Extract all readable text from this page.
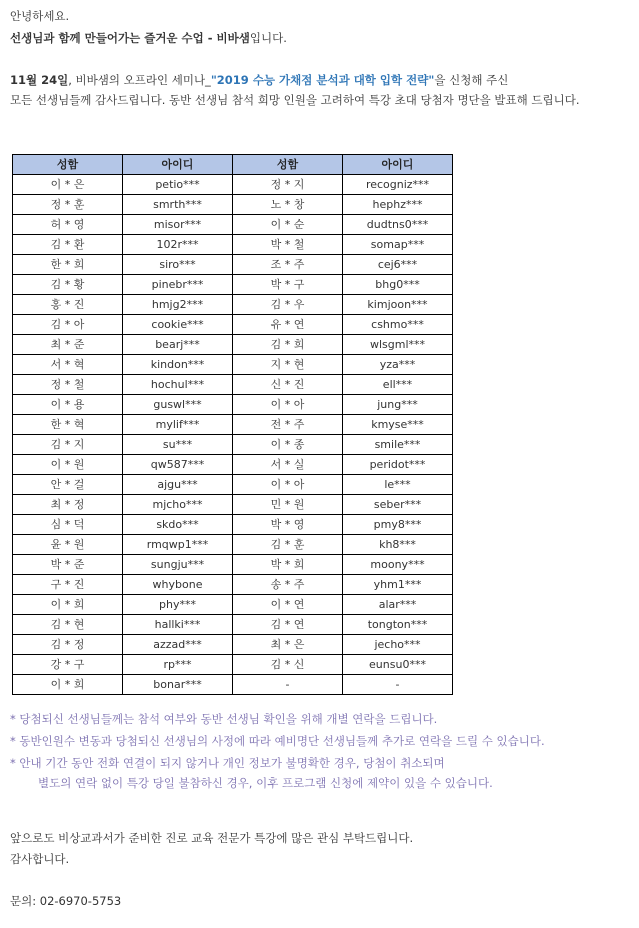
안녕하세요.
선생님과 함께 만들어가는 즐거운 수업 - 비바샘입니다.
11월 24일, 비바샘의 오프라인 세미나_"2019 수능 가채점 분석과 대학 입학 전략"을 신청해 주신
모든 선생님들께 감사드립니다. 동반 선생님 참석 희망 인원을 고려하여 특강 초대 당첨자 명단을 발표해 드립니다.
성함	아이디	성함	아이디
이 * 은	petio***	정 * 지	recogniz***
정 * 훈	smrth***	노 * 창	hephz***
허 * 영	misor***	이 * 순	dudtns0***
김 * 환	102r***	박 * 철	somap***
한 * 희	siro***	조 * 주	cej6***
김 * 황	pinebr***	박 * 구	bhg0***
홍 * 진	hmjg2***	김 * 우	kimjoon***
김 * 아	cookie***	유 * 연	cshmo***
최 * 준	bearj***	김 * 희	wlsgml***
서 * 혁	kindon***	지 * 현	yza***
정 * 철	hochul***	신 * 진	ell***
이 * 용	guswl***	이 * 아	jung***
한 * 혁	mylif***	전 * 주	kmyse***
김 * 지	su***	이 * 종	smile***
이 * 원	qw587***	서 * 실	peridot***
안 * 걸	ajgu***	이 * 아	le***
최 * 정	mjcho***	민 * 원	seber***
심 * 덕	skdo***	박 * 영	pmy8***
윤 * 원	rmqwp1***	김 * 훈	kh8***
박 * 준	sungju***	박 * 희	moony***
구 * 진	whybone	송 * 주	yhm1***
이 * 희	phy***	이 * 연	alar***
김 * 현	hallki***	김 * 연	tongton***
김 * 정	azzad***	최 * 은	jecho***
강 * 구	rp***	김 * 신	eunsu0***
이 * 희	bonar***	-	-
* 당첨되신 선생님들께는 참석 여부와 동반 선생님 확인을 위해 개별 연락을 드립니다.
* 동반인원수 변동과 당첨되신 선생님의 사정에 따라 예비명단 선생님들께 추가로 연락을 드릴 수 있습니다.
* 안내 기간 동안 전화 연결이 되지 않거나 개인 정보가 불명확한 경우, 당첨이 취소되며
별도의 연락 없이 특강 당일 불참하신 경우, 이후 프로그램 신청에 제약이 있을 수 있습니다.
앞으로도 비상교과서가 준비한 진로 교육 전문가 특강에 많은 관심 부탁드립니다.
감사합니다.
문의: 02-6970-5753
